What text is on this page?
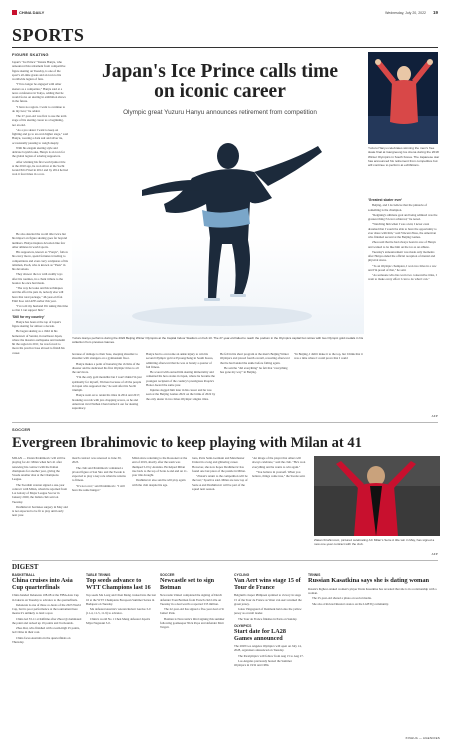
CHINA DAILY	Wednesday, July 20, 2022 19
SPORTS
FIGURE SKATING

Japan's "Ice Prince" Yuzuru Hanyu, who announced his retirement from competitive figure skating on Tuesday, is one of the sport's all-time greats and an icon to his worldwide legion of fans.

"I'll no longer be engaged with other skaters as a competitor," Hanyu said at a news conference in Tokyo, adding that he would focus on skating in exhibition shows in the future.

"I have no regrets. I want to continue to do my best," he added.

The 27-year-old was first to use the term stage of his skating career as a beginning, not an end.

"As a pro skater I want to keep on fighting and go to an even higher stage," said Hanyu, wearing a dark suit and silver tie, occasionally pausing to weigh deeply.

With his elegant skating style and delicate boyish looks, Hanyu is an icon for the global legion of adoring supporters.

After winning his first world junior title at the 2010 age, he won silver at the Sochi Grand Prix Final in 2012 and by 2014 he had won it four times in a row.

He also dazzled the world title twice but his impact on figure skating goes far beyond numbers. Hanyu inspires devotion like few other athletes in world sports.

His supporters, known as "Fanyu", follow his every move, spend fortunes traveling to competitions and even carry sculptures of his talisman, Pooh, who is known as "Yuzu" in his devotions.

They shower the ice with cuddly toys after his routines, in a chant tribute to the bounce he once had made.

"The way he looks and his techniques and the effort he puts in, nobody else will have that total package," 46-year-old fan Emil Koo told AFP earlier this year.

"I've told my husband I'm taking this time so that I can support him."

'Still for my country'

Hanyu has been at the top of Japan's figure skating for almost a decade.

He began skating as a child in his hometown of Sendai, in northeast Japan, where the massive earthquake and tsunami hit the region in 2011; he was forced to move his practice base abroad to finish his career.

Japan's Ice Prince calls time on iconic career
Olympic great Yuzuru Hanyu announces retirement from competition
Yuzuru Hanyu performs during the 2022 Beijing Winter Olympics at the Capital Indoor Stadium on Feb 10. The 27-year-old failed to reach the podium in the Olympics capital but retires with two Olympic gold medals in his collection from previous Games.
Yuzuru Hanyu celebrates winning the men's free skate final at Gangneung Ice Arena during the 2018 Winter Olympics in South Korea. The Japanese star has announced his retirement from competitive but will continue to perform at exhibitions.
'Greatest skater ever'

Beijing, and I do believe that the pinnacle of something is the champion.

"Reigning's ultimate goal and being admired was the greatest thing I'd ever achieved," he noted.

"Watching him when I was a kid, I never even dreamed that I would be able to have the opportunity to ever share with him," said Vincent Zhou, the American who finished second at the Beijing Games.

Zhou said that he had always been in awe of Hanyu and wanted to be like him on the ice as an athlete.

Tuesday's announcement was made only moments after Hanyu ended the official reception of mental and physical stress.

"To an Olympic champion, I won two titles in a row and I'm proud of that," he said.

"As someone who has worn two consecutive titles, I want to make every effort I can to do what I can."

because of damage to their base, sleeping shoulder to shoulder with strangers on a gymnasium floor.

Hanyu makes a point of honoring the victims of the disaster and he dedicated his first Olympic titles to all the survivors.

"I'm the only gold medallist but I won't think I'm just spiritually for myself, I'm here because of all the people in Japan who supported me," he said after his Sochi triumph.

Hanyu went on to retain his titles in 2014 and 2017, breaking records with jaw-dropping scores, as he and American rival Nathan Chen battled it out for skating supremacy.

Hanyu had to overcome an ankle injury to win his second Olympic gold at Pyeongchang in South Korea, admitting afterward that he was at barely a quarter of full fitness.

He scored with earned him skating immortality and cemented his hero status in Japan, where he became the youngest recipient of the country's prestigious People's Honor Award the same year.

Injuries dogged him later in his career and he was seen at the Beijing Games 2022 on the brink of 2022 by the only skater in two times Olympic singles titles.

He fell in his short program at the men's Beijing Winter Olympics and placed fourth overall, revealing afterward that he had landed the ankle before falling again.

He said he "did everything" he felt that "everything has gone my way" in Beijing.

"In Beijing, I didn't make it to the top, but I think that it was a time where I could prove that I could

AFP
SOCCER
Evergreen Ibrahimovic to keep playing with Milan at 41

MILAN — Zlatan Ibrahimovic will still be playing for AC Milan when he's 41 after renewing his contract with the Italian champions for another year, giving the Swede another shot at the Champions League.

The Swedish veteran signed a one-year contract with Milan, whom he rejoined from LA Galaxy of Major League Soccer in January 2020, the Italian club said on Tuesday.

Ibrahimovic had knee surgery in May and is not expected to be fit to play until early next year.

match contract was renewed to June 30, 2023.

The club said Ibrahimovic remained a pivotal figure at San Siro and the Swede is expected to play a key role when he returns to fitness.

"It's not over," said Ibrahimovic. "I still have the same hunger."

Milan since returning to the Rossoneri at the end of 2019, shortly after the team was thumped 5-0 by Atalanta. He helped Milan rise back to the top of Serie A and end an 11-year title drought.

Ibrahimovic also said he will play again with the club despite his age.

lona, Paris Saint-Germain and Manchester United in a long and glittering career. However, she now hopes Ibrahimovic has found one last piece of the puzzle in Milan.

"Zlatan's return to the competition will be the last," Sportiva said. Milan are now top of Serie A and Ibrahimovic will be part of the squad next season.

"An image of the player that others will always celebrate," said the club. "He's won everything and he wants to win again."

"You believe in yourself. When you believe, things come true," the Swede said.

Zlatan Ibrahimovic, pictured celebrating AC Milan's Serie A title win in May, has signed a new one-year contract with the club.
AFP
DIGEST
BASKETBALL
China cruises into Asia Cup quarterfinals

China handed Indonesia 108-68 at the FIBA Asia Cup in Jakarta on Tuesday to advance to the quarterfinals.

Indonesia is one of three co-hosts of the 2023 World Cup, but its poor performance at the tournament here means it's unlikely to land a spot.

China led 33-11 at halftime after Zhou Qi dominated the paint and racked up 19 points and 9 rebounds.

Zhao Rui, who finished with a team-high 25 points, led China in their rout.

China faces Australia in the quarterfinals on Thursday.

TABLE TENNIS
Top seeds advance to WTT Champions last 16

Top seeds Ma Long and Chen Meng cruised into the last 16 at the WTT Champions European Summer Series in Budapest on Tuesday.

Ma defeated Austria's veteran Robert Gardos 3-0 (11-4, 11-5, 11-9) to advance.

China's world No 1 Chen Meng defeated Japan's Miyu Nagasaki 3-0.

SOCCER
Newcastle set to sign Botman

Newcastle United completed the signing of Dutch defender Sven Botman from French club Lille on Tuesday in a deal worth a reported £35 million.

The 22-year-old has signed a five-year deal at St James' Park.

Botman is Newcastle's third signing this summer following goalkeeper Nick Pope and defender Matt Targett.

CYCLING
Van Aert wins stage 15 of Tour de France

Belgium's Jasper Philipsen sprinted to victory in stage 15 of the Tour de France as Wout van Aert retained the green jersey.

Jonas Vingegaard of Denmark held onto the yellow jersey as overall leader.

The Tour de France finishes in Paris on Sunday.

OLYMPICS
Start date for LA28 Games announced

The 2028 Los Angeles Olympics will open on July 14, 2028, organizers announced on Tuesday.

The Paralympics will follow from Aug 15 to Aug 27.

Los Angeles previously hosted the Summer Olympics in 1932 and 1984.

TENNIS
Russian Kasatkina says she is dating woman

Russia's highest-ranked women's player Daria Kasatkina has revealed that she is in a relationship with a woman.

The 25-year-old shared a photo on social media.

She also criticized Russia's stance on the LGBTQ community.

XINHUA — AGENCIES
